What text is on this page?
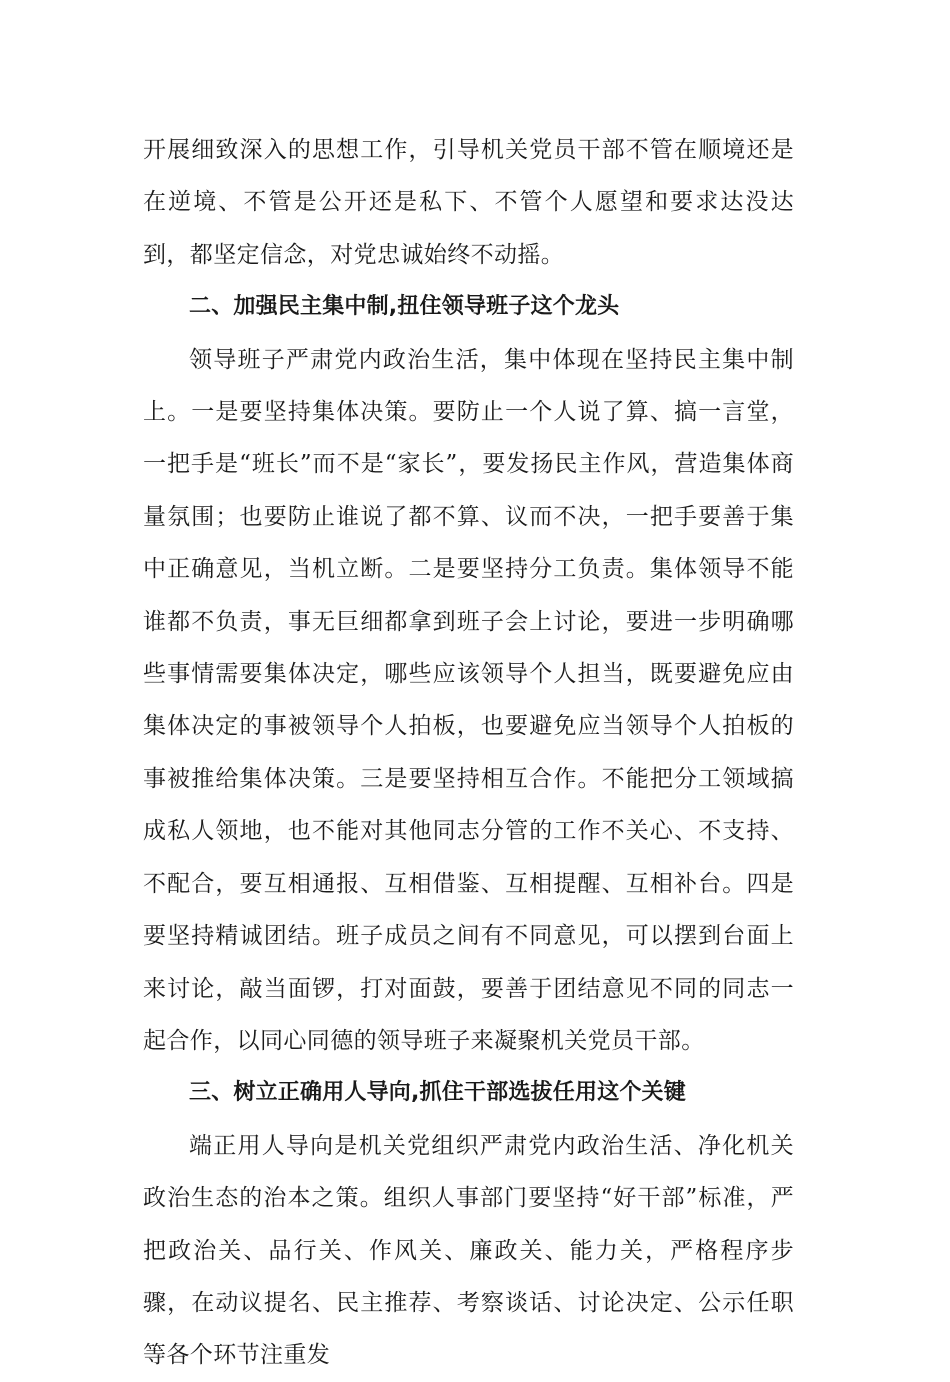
开展细致深入的思想工作，引导机关党员干部不管在顺境还是在逆境、不管是公开还是私下、不管个人愿望和要求达没达到，都坚定信念，对党忠诚始终不动摇。

二、加强民主集中制,扭住领导班子这个龙头

领导班子严肃党内政治生活，集中体现在坚持民主集中制上。一是要坚持集体决策。要防止一个人说了算、搞一言堂，一把手是“班长”而不是“家长”，要发扬民主作风，营造集体商量氛围；也要防止谁说了都不算、议而不决，一把手要善于集中正确意见，当机立断。二是要坚持分工负责。集体领导不能谁都不负责，事无巨细都拿到班子会上讨论，要进一步明确哪些事情需要集体决定，哪些应该领导个人担当，既要避免应由集体决定的事被领导个人拍板，也要避免应当领导个人拍板的事被推给集体决策。三是要坚持相互合作。不能把分工领域搞成私人领地，也不能对其他同志分管的工作不关心、不支持、不配合，要互相通报、互相借鉴、互相提醒、互相补台。四是要坚持精诚团结。班子成员之间有不同意见，可以摆到台面上来讨论，敲当面锣，打对面鼓，要善于团结意见不同的同志一起合作，以同心同德的领导班子来凝聚机关党员干部。

三、树立正确用人导向,抓住干部选拔任用这个关键

端正用人导向是机关党组织严肃党内政治生活、净化机关政治生态的治本之策。组织人事部门要坚持“好干部”标准，严把政治关、品行关、作风关、廉政关、能力关，严格程序步骤，在动议提名、民主推荐、考察谈话、讨论决定、公示任职等各个环节注重发
